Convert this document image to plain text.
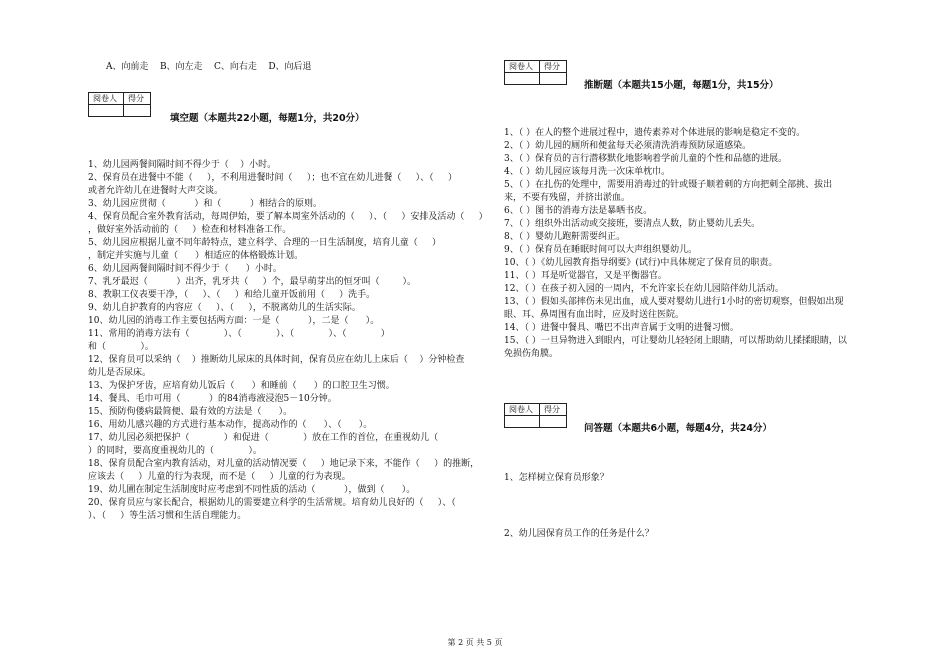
A、向前走    B、向左走    C、向右走    D、向后退
阅卷人	得分

填空题（本题共22小题，每题1分，共20分）
1、幼儿园两餐间隔时间不得少于（    ）小时。
2、保育员在进餐中不能（     ），不利用进餐时间（     ）；也不宜在幼儿进餐（     ）、（     ）
或者允许幼儿在进餐时大声交谈。
3、幼儿园应贯彻（          ）和（          ）相结合的原则。
4、保育员配合室外教育活动，每周伊始，要了解本周室外活动的（     ）、（     ）安排及活动（     ）
，做好室外活动前的（     ）检查和材料准备工作。
5、幼儿园应根据儿童不同年龄特点，建立科学、合理的一日生活制度，培育儿童（     ）
，制定并实施与儿童（      ）相适应的体格锻炼计划。
6、幼儿园两餐间隔时间不得少于（      ）小时。
7、乳牙最迟（          ）出齐，乳牙共（     ）个，最早萌芽出的恒牙叫（        ）。
8、教职工仪表要干净，（     ）、（     ）和给儿童开饭前用（     ）洗手。
9、幼儿自护教育的内容应（     ）、（     ），不脱离幼儿的生活实际。
10、幼儿园的消毒工作主要包括两方面：一是（          ），二是（      ）。
11、常用的消毒方法有（            ）、（            ）、（            ）、（            ）
和（            ）。
12、保育员可以采纳（    ）推断幼儿尿床的具体时间，保育员应在幼儿上床后（    ）分钟检查
幼儿是否尿床。
13、为保护牙齿，应培育幼儿饭后（      ）和睡前（      ）的口腔卫生习惯。
14、餐具、毛巾可用（          ）的84消毒液浸泡5－10分钟。
15、预防佝偻病最简便、最有效的方法是（      ）。
16、用幼儿感兴趣的方式进行基本动作，提高动作的（      ）、（      ）。
17、幼儿园必须把保护（            ）和促进（            ）放在工作的首位，在重视幼儿（
）的同时，要高度重视幼儿的（            ）。
18、保育员配合室内教育活动，对儿童的活动情况要（     ）地记录下来，不能作（     ）的推断，
应该去（     ）儿童的行为表现，而不是（     ）儿童的行为表现。
19、幼儿圃在制定生活制度时应考虑到不同性质的活动（          ），做到（      ）。
20、保育员应与家长配合，根据幼儿的需要建立科学的生活常规。培育幼儿良好的（     ）、（
）、（     ）等生活习惯和生活自理能力。
阅卷人	得分

推断题（本题共15小题，每题1分，共15分）
1、（ ）在人的整个进展过程中，遗传素养对个体进展的影响是稳定不变的。
2、（ ）幼儿园的厕所和便盆每天必须清洗消毒预防尿道感染。
3、（ ）保育员的言行潜移默化地影响着学前儿童的个性和品德的进展。
4、（ ）幼儿园应该每月洗一次床单枕巾。
5、（ ）在扎伤的处理中，需要用消毒过的针或镊子顺着刺的方向把刺全部挑、拔出来，不要有残留，并挤出淤血。
6、（ ）图书的消毒方法是暴晒书皮。
7、（ ）组织外出活动或交接班，要清点人数，防止婴幼儿丢失。
8、（ ）婴幼儿跑鼾需要纠正。
9、（ ）保育员在睡眠时间可以大声组织婴幼儿。
10、（ ）《幼儿园教育指导纲要》(试行)中具体规定了保育员的职责。
11、（ ）耳是听觉器官，又是平衡器官。
12、（ ）在孩子初入园的一周内，不允许家长在幼儿园陪伴幼儿活动。
13、（ ）假如头部摔伤未见出血，成人要对婴幼儿进行1小时的密切观察，但假如出现眼、耳、鼻周围有血出时，应及时送往医院。
14、（ ）进餐中餐具、嘴巴不出声音属于文明的进餐习惯。
15、（ ）一旦异物进入到眼内，可让婴幼儿轻轻闭上眼睛，可以帮助幼儿揉揉眼睛，以免损伤角膜。
阅卷人	得分

问答题（本题共6小题，每题4分，共24分）
1、怎样树立保育员形象？
2、幼儿园保育员工作的任务是什么？
第 2 页 共 5 页
